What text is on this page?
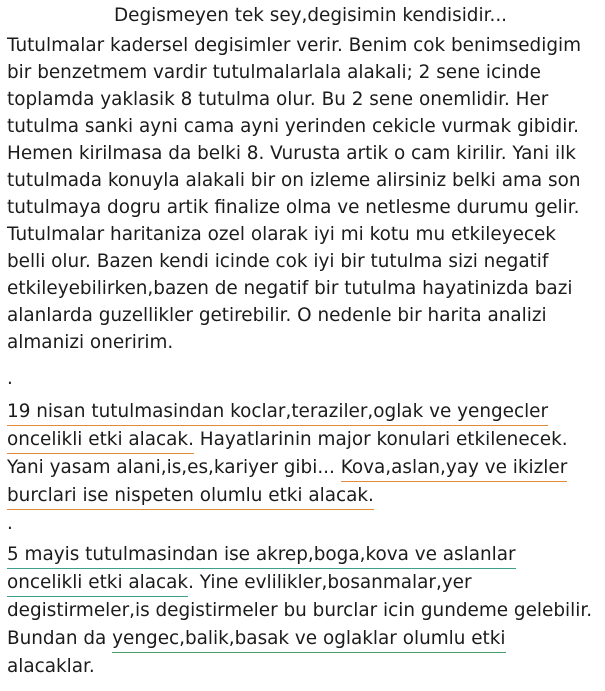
Degismeyen tek sey,degisimin kendisidir...
Tutulmalar kadersel degisimler verir. Benim cok benimsedigim
bir benzetmem vardir tutulmalarlala alakali; 2 sene icinde
toplamda yaklasik 8 tutulma olur. Bu 2 sene onemlidir. Her
tutulma sanki ayni cama ayni yerinden cekicle vurmak gibidir.
Hemen kirilmasa da belki 8. Vurusta artik o cam kirilir. Yani ilk
tutulmada konuyla alakali bir on izleme alirsiniz belki ama son
tutulmaya dogru artik finalize olma ve netlesme durumu gelir.
Tutulmalar haritaniza ozel olarak iyi mi kotu mu etkileyecek
belli olur. Bazen kendi icinde cok iyi bir tutulma sizi negatif
etkileyebilirken,bazen de negatif bir tutulma hayatinizda bazi
alanlarda guzellikler getirebilir. O nedenle bir harita analizi
almanizi oneririm.
.
19 nisan tutulmasindan koclar,teraziler,oglak ve yengecler
oncelikli etki alacak. Hayatlarinin major konulari etkilenecek.
Yani yasam alani,is,es,kariyer gibi... Kova,aslan,yay ve ikizler
burclari ise nispeten olumlu etki alacak.
.
5 mayis tutulmasindan ise akrep,boga,kova ve aslanlar
oncelikli etki alacak. Yine evlilikler,bosanmalar,yer
degistirmeler,is degistirmeler bu burclar icin gundeme gelebilir.
Bundan da yengec,balik,basak ve oglaklar olumlu etki
alacaklar.
